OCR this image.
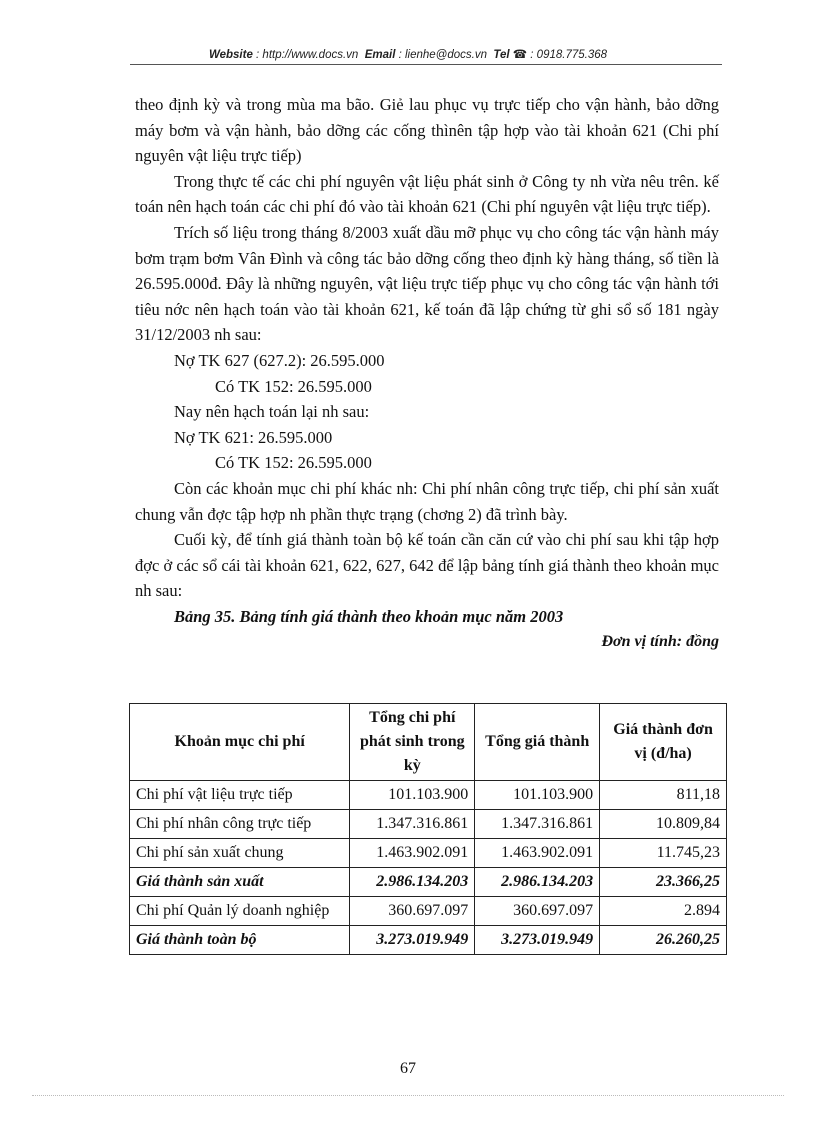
Website : http://www.docs.vn Email : lienhe@docs.vn Tel ☎ : 0918.775.368

theo định kỳ và trong mùa ma bão. Giẻ lau phục vụ trực tiếp cho vận hành, bảo dỡng máy bơm và vận hành, bảo dỡng các cống thìnên tập hợp vào tài khoản 621 (Chi phí nguyên vật liệu trực tiếp)

Trong thực tế các chi phí nguyên vật liệu phát sinh ở Công ty nh vừa nêu trên. kế toán nên hạch toán các chi phí đó vào tài khoản 621 (Chi phí nguyên vật liệu trực tiếp).

Trích số liệu trong tháng 8/2003 xuất dầu mỡ phục vụ cho công tác vận hành máy bơm trạm bơm Vân Đình và công tác bảo dỡng cống theo định kỳ hàng tháng, số tiền là 26.595.000đ. Đây là những nguyên, vật liệu trực tiếp phục vụ cho công tác vận hành tới tiêu nớc nên hạch toán vào tài khoản 621, kế toán đã lập chứng từ ghi sổ số 181 ngày 31/12/2003 nh sau:

Nợ TK 627 (627.2): 26.595.000

Có TK 152: 26.595.000

Nay nên hạch toán lại nh sau:

Nợ TK 621: 26.595.000

Có TK 152: 26.595.000

Còn các khoản mục chi phí khác nh: Chi phí nhân công trực tiếp, chi phí sản xuất chung vẫn đợc tập hợp nh phần thực trạng (chơng 2) đã trình bày.

Cuối kỳ, để tính giá thành toàn bộ kế toán cần căn cứ vào chi phí sau khi tập hợp đợc ở các sổ cái tài khoản 621, 622, 627, 642 để lập bảng tính giá thành theo khoản mục nh sau:

Bảng 35. Bảng tính giá thành theo khoản mục năm 2003

Đơn vị tính: đồng

Khoản mục chi phí	Tổng chi phí phát sinh trong kỳ	Tổng giá thành	Giá thành đơn vị (đ/ha)
Chi phí vật liệu trực tiếp	101.103.900	101.103.900	811,18
Chi phí nhân công trực tiếp	1.347.316.861	1.347.316.861	10.809,84
Chi phí sản xuất chung	1.463.902.091	1.463.902.091	11.745,23
Giá thành sản xuất	2.986.134.203	2.986.134.203	23.366,25
Chi phí Quản lý doanh nghiệp	360.697.097	360.697.097	2.894
Giá thành toàn bộ	3.273.019.949	3.273.019.949	26.260,25
67
